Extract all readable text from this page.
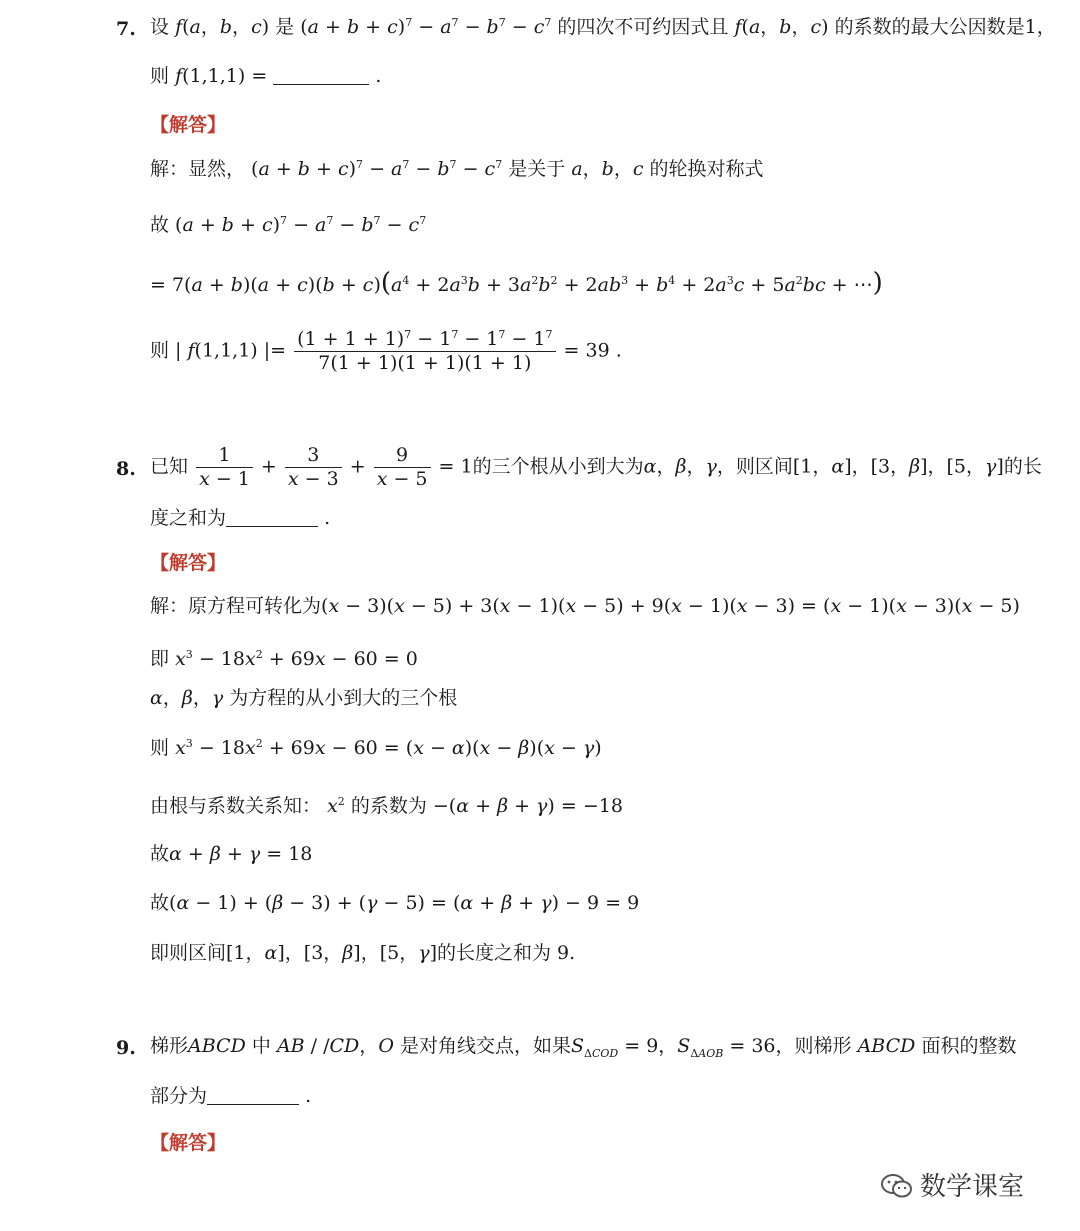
7. 设 f(a，b，c) 是 $(a + b + c)^7 - a^7 - b^7 - c^7$ 的四次不可约因式且 f(a，b，c) 的系数的最大公因数是1，
则 f(1,1,1) =	.
【解答】
解：显然， $(a + b + c)^7 - a^7 - b^7 - c^7$ 是关于 a，b，c 的轮换对称式
故 $(a + b + c)^7 - a^7 - b^7 - c^7$
= $7(a + b)(a + c)(b + c)(a^4 + 2a^3b + 3a^2b^2 + 2ab^3 + b^4 + 2a^3c + 5a^2bc$ + ⋯)
则 | f(1,1,1) |= $\frac{(1 + 1 + 1)^7 - 1^7 - 1^7 - 1^7}{7(1 + 1)(1 + 1)(1 + 1)} = 39$ .
8. 已知 $\frac{1}{x - 1} + \frac{3}{x - 3} + \frac{9}{x - 5} = 1$的三个根从小到大为α，β，γ，则区间[1，α]，[3，β]，[5，γ]的长
度之和为	.
【解答】
解：原方程可转化为(x − 3)(x − 5) + 3(x − 1)(x − 5) + 9(x − 1)(x − 3) = (x − 1)(x − 3)(x − 5)
即 $x^3 - 18x^2 + 69x - 60 = 0$
α，β，γ 为方程的从小到大的三个根
则 $x^3 - 18x^2 + 69x - 60 = (x - \alpha)(x - \beta)(x - \gamma)$
由根与系数关系知： $x^2$ 的系数为 −(α + β + γ) = −18
故α + β + γ = 18
故(α − 1) + (β − 3) + (γ − 5) = (α + β + γ) − 9 = 9
即则区间[1，α]，[3，β]，[5，γ]的长度之和为 9.
9. 梯形ABCD 中 AB / /CD，O 是对角线交点，如果$S_{\Delta COD} = 9$，$S_{\Delta AOB} = 36$，则梯形 ABCD 面积的整数
部分为	.
【解答】
数学课室
